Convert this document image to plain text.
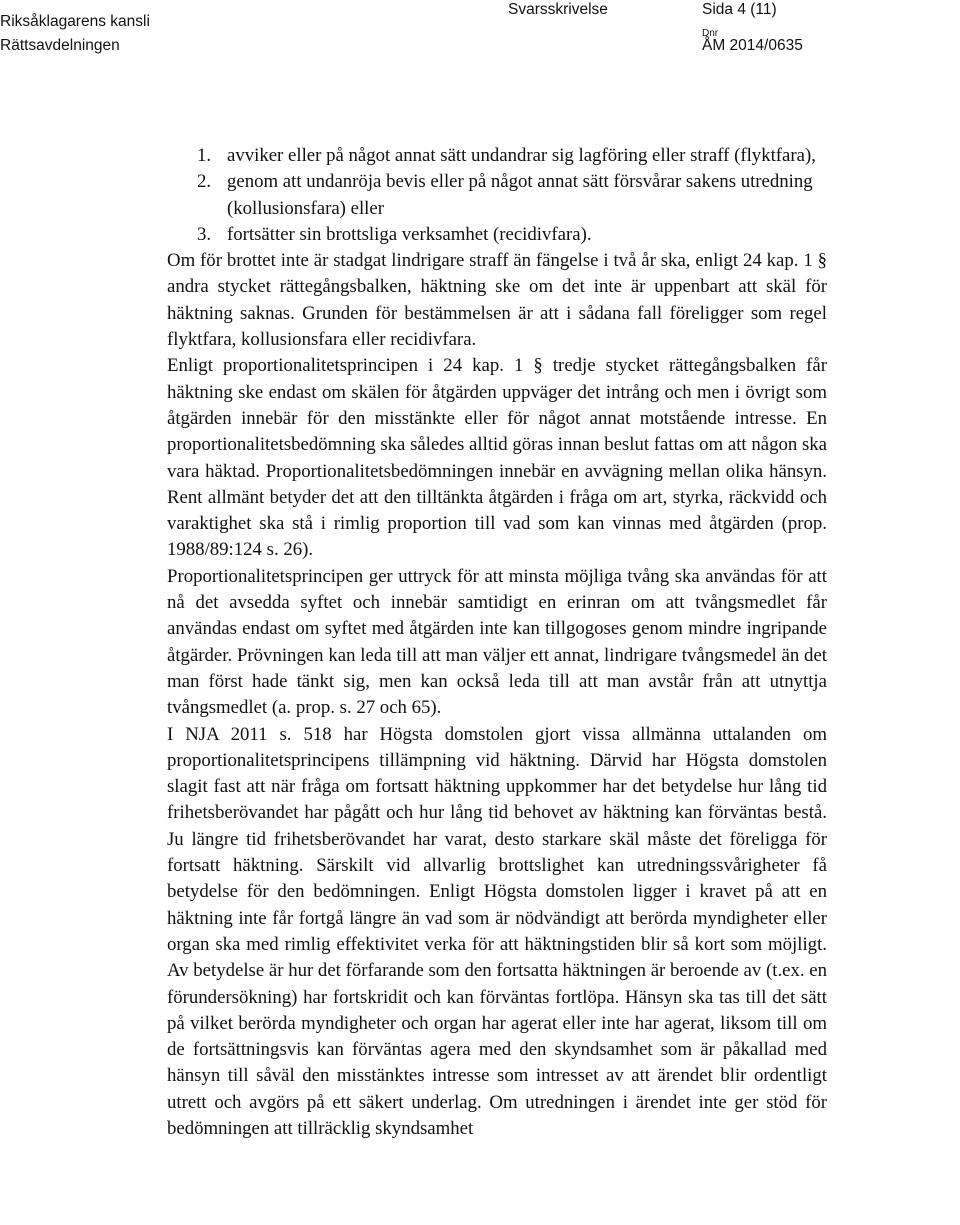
Riksåklagarens kansli
Rättsavdelningen
Svarsskrivelse	Sida 4 (11)
Dnr
ÅM 2014/0635
1. avviker eller på något annat sätt undandrar sig lagföring eller straff (flyktfara),
2. genom att undanröja bevis eller på något annat sätt försvårar sakens utredning (kollusionsfara) eller
3. fortsätter sin brottsliga verksamhet (recidivfara).

Om för brottet inte är stadgat lindrigare straff än fängelse i två år ska, enligt 24 kap. 1 § andra stycket rättegångsbalken, häktning ske om det inte är uppenbart att skäl för häktning saknas. Grunden för bestämmelsen är att i sådana fall föreligger som regel flyktfara, kollusionsfara eller recidivfara.

Enligt proportionalitetsprincipen i 24 kap. 1 § tredje stycket rättegångsbalken får häktning ske endast om skälen för åtgärden uppväger det intrång och men i övrigt som åtgärden innebär för den misstänkte eller för något annat motstående intresse. En proportionalitetsbedömning ska således alltid göras innan beslut fattas om att någon ska vara häktad. Proportionalitetsbedömningen innebär en avvägning mellan olika hänsyn. Rent allmänt betyder det att den tilltänkta åtgärden i fråga om art, styrka, räckvidd och varaktighet ska stå i rimlig proportion till vad som kan vinnas med åtgärden (prop. 1988/89:124 s. 26).

Proportionalitetsprincipen ger uttryck för att minsta möjliga tvång ska användas för att nå det avsedda syftet och innebär samtidigt en erinran om att tvångsmedlet får användas endast om syftet med åtgärden inte kan tillgogoses genom mindre ingripande åtgärder. Prövningen kan leda till att man väljer ett annat, lindrigare tvångsmedel än det man först hade tänkt sig, men kan också leda till att man avstår från att utnyttja tvångsmedlet (a. prop. s. 27 och 65).

I NJA 2011 s. 518 har Högsta domstolen gjort vissa allmänna uttalanden om proportionalitetsprincipens tillämpning vid häktning. Därvid har Högsta domstolen slagit fast att när fråga om fortsatt häktning uppkommer har det betydelse hur lång tid frihetsberövandet har pågått och hur lång tid behovet av häktning kan förväntas bestå. Ju längre tid frihetsberövandet har varat, desto starkare skäl måste det föreligga för fortsatt häktning. Särskilt vid allvarlig brottslighet kan utredningssvårigheter få betydelse för den bedömningen. Enligt Högsta domstolen ligger i kravet på att en häktning inte får fortgå längre än vad som är nödvändigt att berörda myndigheter eller organ ska med rimlig effektivitet verka för att häktningstiden blir så kort som möjligt. Av betydelse är hur det förfarande som den fortsatta häktningen är beroende av (t.ex. en förundersökning) har fortskridit och kan förväntas fortlöpa. Hänsyn ska tas till det sätt på vilket berörda myndigheter och organ har agerat eller inte har agerat, liksom till om de fortsättningsvis kan förväntas agera med den skyndsamhet som är påkallad med hänsyn till såväl den misstänktes intresse som intresset av att ärendet blir ordentligt utrett och avgörs på ett säkert underlag. Om utredningen i ärendet inte ger stöd för bedömningen att tillräcklig skyndsamhet
